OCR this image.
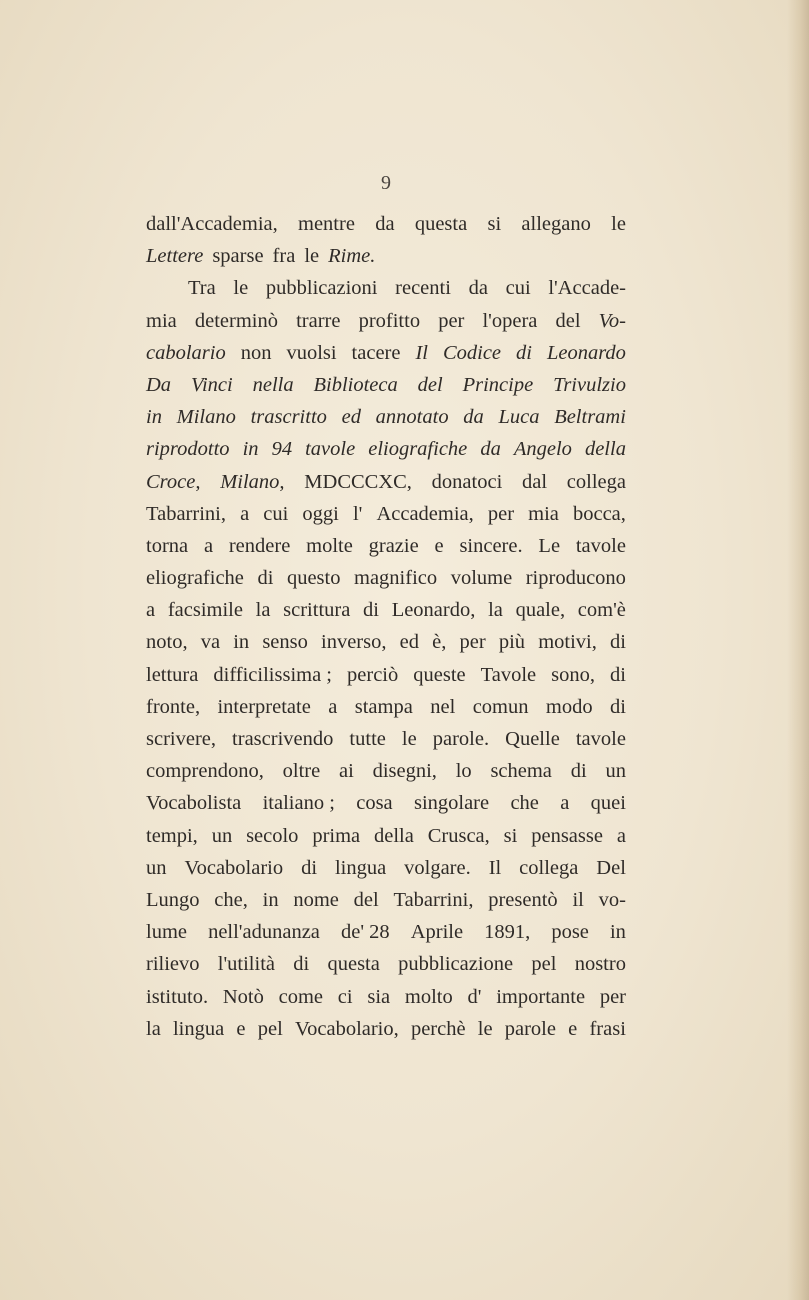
9
dall'Accademia, mentre da questa si allegano le
Lettere sparse fra le Rime.
Tra le pubblicazioni recenti da cui l'Accade-
mia determinò trarre profitto per l'opera del Vo-
cabolario non vuolsi tacere Il Codice di Leonardo
Da Vinci nella Biblioteca del Principe Trivulzio
in Milano trascritto ed annotato da Luca Beltrami
riprodotto in 94 tavole eliografiche da Angelo della
Croce, Milano, MDCCCXC, donatoci dal collega
Tabarrini, a cui oggi l' Accademia, per mia bocca,
torna a rendere molte grazie e sincere. Le tavole
eliografiche di questo magnifico volume riproducono
a facsimile la scrittura di Leonardo, la quale, com'è
noto, va in senso inverso, ed è, per più motivi, di
lettura difficilissima ; perciò queste Tavole sono, di
fronte, interpretate a stampa nel comun modo di
scrivere, trascrivendo tutte le parole. Quelle tavole
comprendono, oltre ai disegni, lo schema di un
Vocabolista italiano ; cosa singolare che a quei
tempi, un secolo prima della Crusca, si pensasse a
un Vocabolario di lingua volgare. Il collega Del
Lungo che, in nome del Tabarrini, presentò il vo-
lume nell'adunanza de' 28 Aprile 1891, pose in
rilievo l'utilità di questa pubblicazione pel nostro
istituto. Notò come ci sia molto d' importante per
la lingua e pel Vocabolario, perchè le parole e frasi
